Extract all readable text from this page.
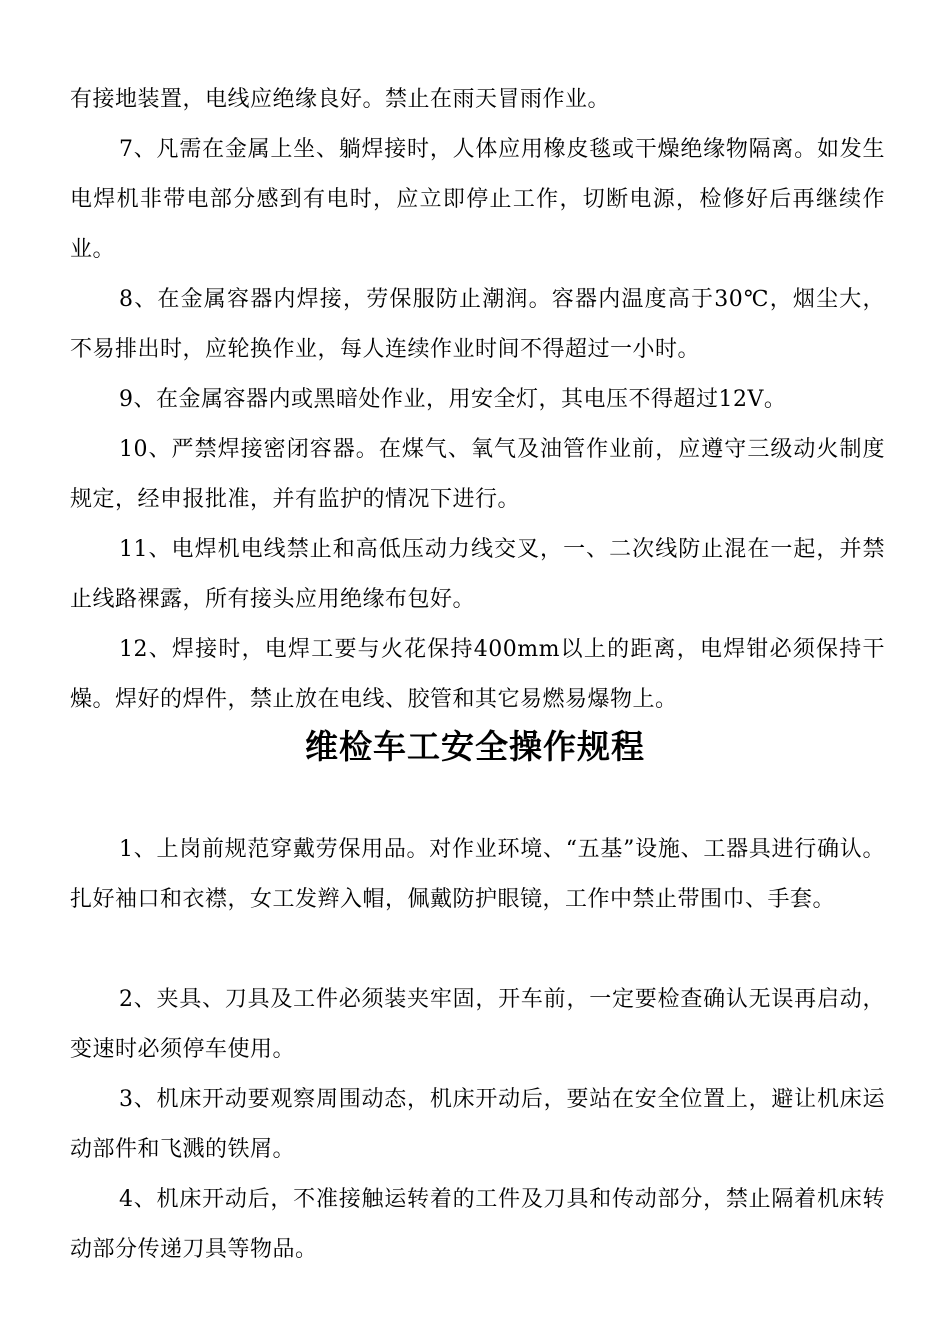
有接地装置，电线应绝缘良好。禁止在雨天冒雨作业。

7、凡需在金属上坐、躺焊接时，人体应用橡皮毯或干燥绝缘物隔离。如发生电焊机非带电部分感到有电时，应立即停止工作，切断电源，检修好后再继续作业。

8、在金属容器内焊接，劳保服防止潮润。容器内温度高于30℃，烟尘大，不易排出时，应轮换作业，每人连续作业时间不得超过一小时。

9、在金属容器内或黑暗处作业，用安全灯，其电压不得超过12V。

10、严禁焊接密闭容器。在煤气、氧气及油管作业前，应遵守三级动火制度规定，经申报批准，并有监护的情况下进行。

11、电焊机电线禁止和高低压动力线交叉，一、二次线防止混在一起，并禁止线路裸露，所有接头应用绝缘布包好。

12、焊接时，电焊工要与火花保持400mm以上的距离，电焊钳必须保持干燥。焊好的焊件，禁止放在电线、胶管和其它易燃易爆物上。

维检车工安全操作规程

1、上岗前规范穿戴劳保用品。对作业环境、“五基”设施、工器具进行确认。扎好袖口和衣襟，女工发辫入帽，佩戴防护眼镜，工作中禁止带围巾、手套。

2、夹具、刀具及工件必须装夹牢固，开车前，一定要检查确认无误再启动，变速时必须停车使用。

3、机床开动要观察周围动态，机床开动后，要站在安全位置上，避让机床运动部件和飞溅的铁屑。

4、机床开动后，不准接触运转着的工件及刀具和传动部分，禁止隔着机床转动部分传递刀具等物品。
